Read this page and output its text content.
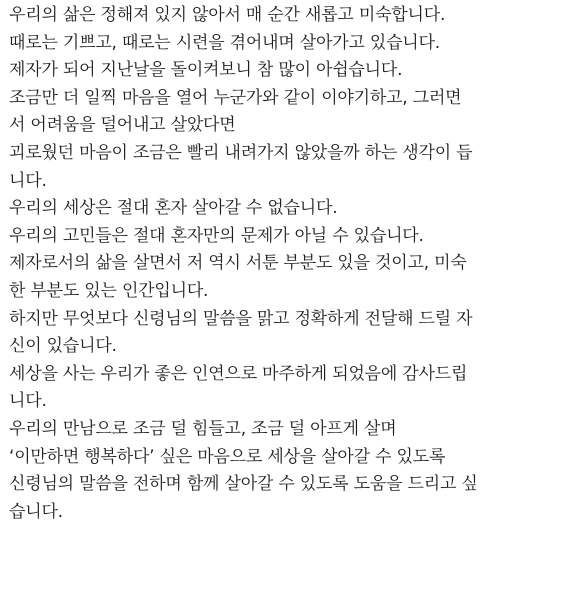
우리의 삶은 정해져 있지 않아서 매 순간 새롭고 미숙합니다.
때로는 기쁘고, 때로는 시련을 겪어내며 살아가고 있습니다.
제자가 되어 지난날을 돌이켜보니 참 많이 아쉽습니다.
조금만 더 일찍 마음을 열어 누군가와 같이 이야기하고, 그러면
서 어려움을 덜어내고 살았다면
괴로웠던 마음이 조금은 빨리 내려가지 않았을까 하는 생각이 듭
니다.
우리의 세상은 절대 혼자 살아갈 수 없습니다.
우리의 고민들은 절대 혼자만의 문제가 아닐 수 있습니다.
제자로서의 삶을 살면서 저 역시 서툰 부분도 있을 것이고, 미숙
한 부분도 있는 인간입니다.
하지만 무엇보다 신령님의 말씀을 맑고 정확하게 전달해 드릴 자
신이 있습니다.
세상을 사는 우리가 좋은 인연으로 마주하게 되었음에 감사드립
니다.
우리의 만남으로 조금 덜 힘들고, 조금 덜 아프게 살며
‘이만하면 행복하다’ 싶은 마음으로 세상을 살아갈 수 있도록
신령님의 말씀을 전하며 함께 살아갈 수 있도록 도움을 드리고 싶
습니다.
